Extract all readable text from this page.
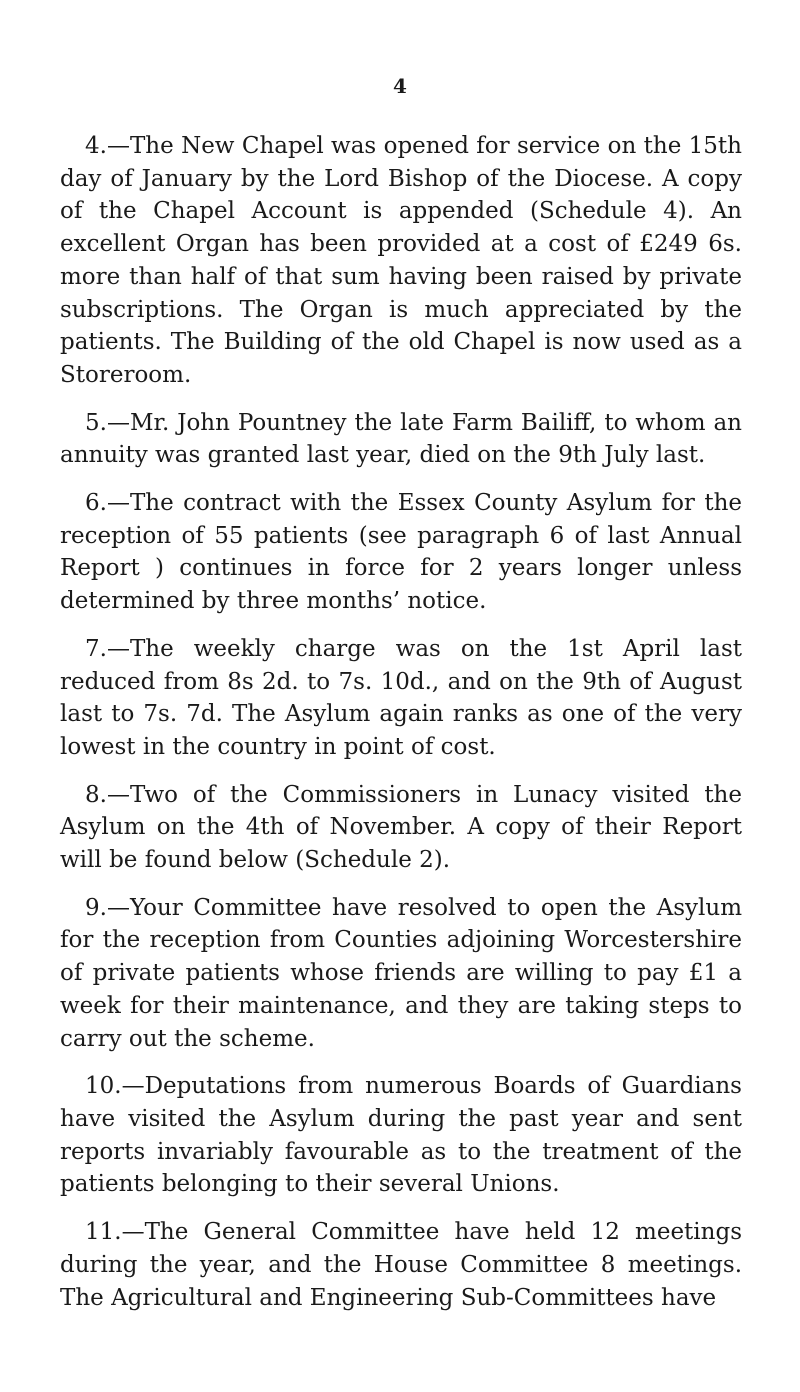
4

4.—The New Chapel was opened for service on the 15th day of January by the Lord Bishop of the Diocese. A copy of the Chapel Account is appended (Schedule 4). An excellent Organ has been provided at a cost of £249 6s. more than half of that sum having been raised by private subscriptions. The Organ is much appreciated by the patients. The Building of the old Chapel is now used as a Storeroom.

5.—Mr. John Pountney the late Farm Bailiff, to whom an annuity was granted last year, died on the 9th July last.

6.—The contract with the Essex County Asylum for the reception of 55 patients (see paragraph 6 of last Annual Report ) continues in force for 2 years longer unless determined by three months’ notice.

7.—The weekly charge was on the 1st April last reduced from 8s 2d. to 7s. 10d., and on the 9th of August last to 7s. 7d. The Asylum again ranks as one of the very lowest in the country in point of cost.

8.—Two of the Commissioners in Lunacy visited the Asylum on the 4th of November. A copy of their Report will be found below (Schedule 2).

9.—Your Committee have resolved to open the Asylum for the reception from Counties adjoining Worcestershire of private patients whose friends are willing to pay £1 a week for their maintenance, and they are taking steps to carry out the scheme.

10.—Deputations from numerous Boards of Guardians have visited the Asylum during the past year and sent reports invariably favourable as to the treatment of the patients belonging to their several Unions.

11.—The General Committee have held 12 meetings during the year, and the House Committee 8 meetings. The Agricultural and Engineering Sub-Committees have
